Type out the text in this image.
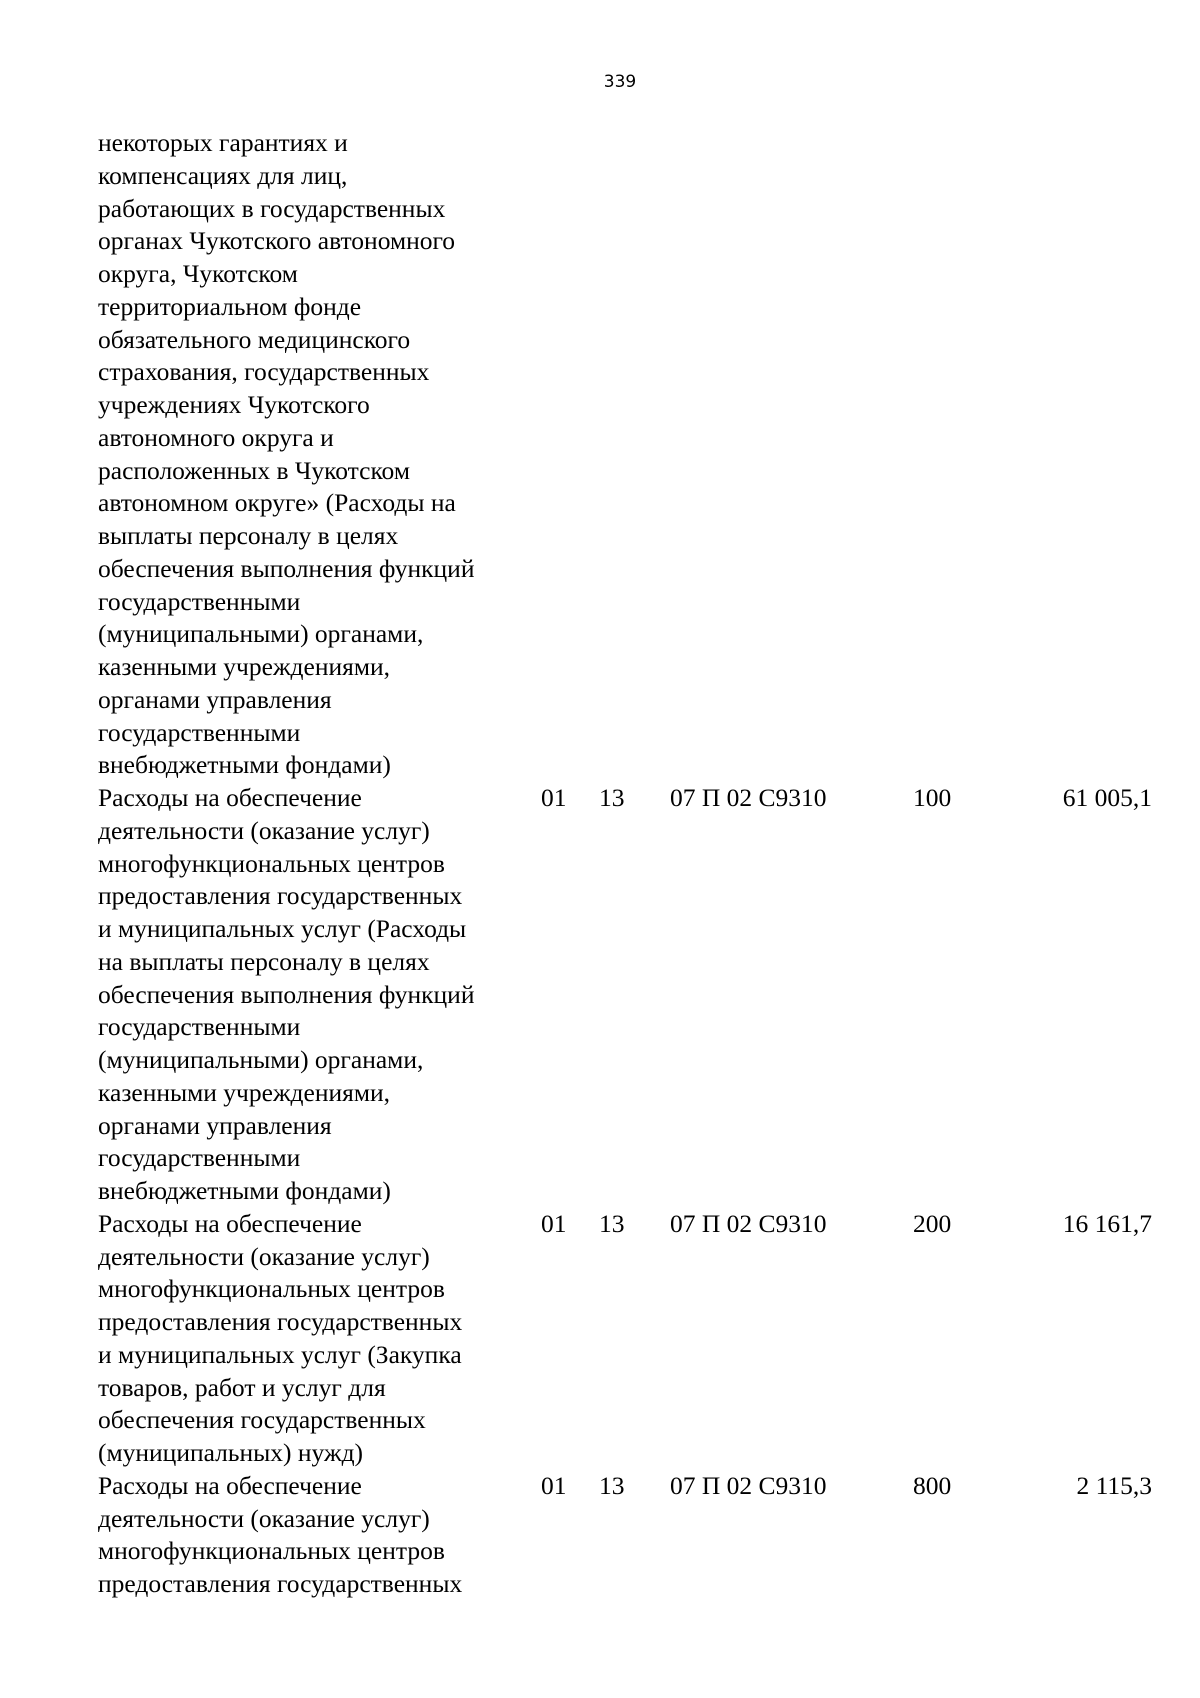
339
некоторых гарантиях и
компенсациях для лиц,
работающих в государственных
органах Чукотского автономного
округа, Чукотском
территориальном фонде
обязательного медицинского
страхования, государственных
учреждениях Чукотского
автономного округа и
расположенных в Чукотском
автономном округе» (Расходы на
выплаты персоналу в целях
обеспечения выполнения функций
государственными
(муниципальными) органами,
казенными учреждениями,
органами управления
государственными
внебюджетными фондами)
Расходы на обеспечение
деятельности (оказание услуг)
многофункциональных центров
предоставления государственных
и муниципальных услуг (Расходы
на выплаты персоналу в целях
обеспечения выполнения функций
государственными
(муниципальными) органами,
казенными учреждениями,
органами управления
государственными
внебюджетными фондами)
01 13 07 П 02 С9310	100	61 005,1
Расходы на обеспечение
деятельности (оказание услуг)
многофункциональных центров
предоставления государственных
и муниципальных услуг (Закупка
товаров, работ и услуг для
обеспечения государственных
(муниципальных) нужд)
01 13 07 П 02 С9310	200	16 161,7
Расходы на обеспечение
деятельности (оказание услуг)
многофункциональных центров
предоставления государственных
01 13 07 П 02 С9310	800	2 115,3
